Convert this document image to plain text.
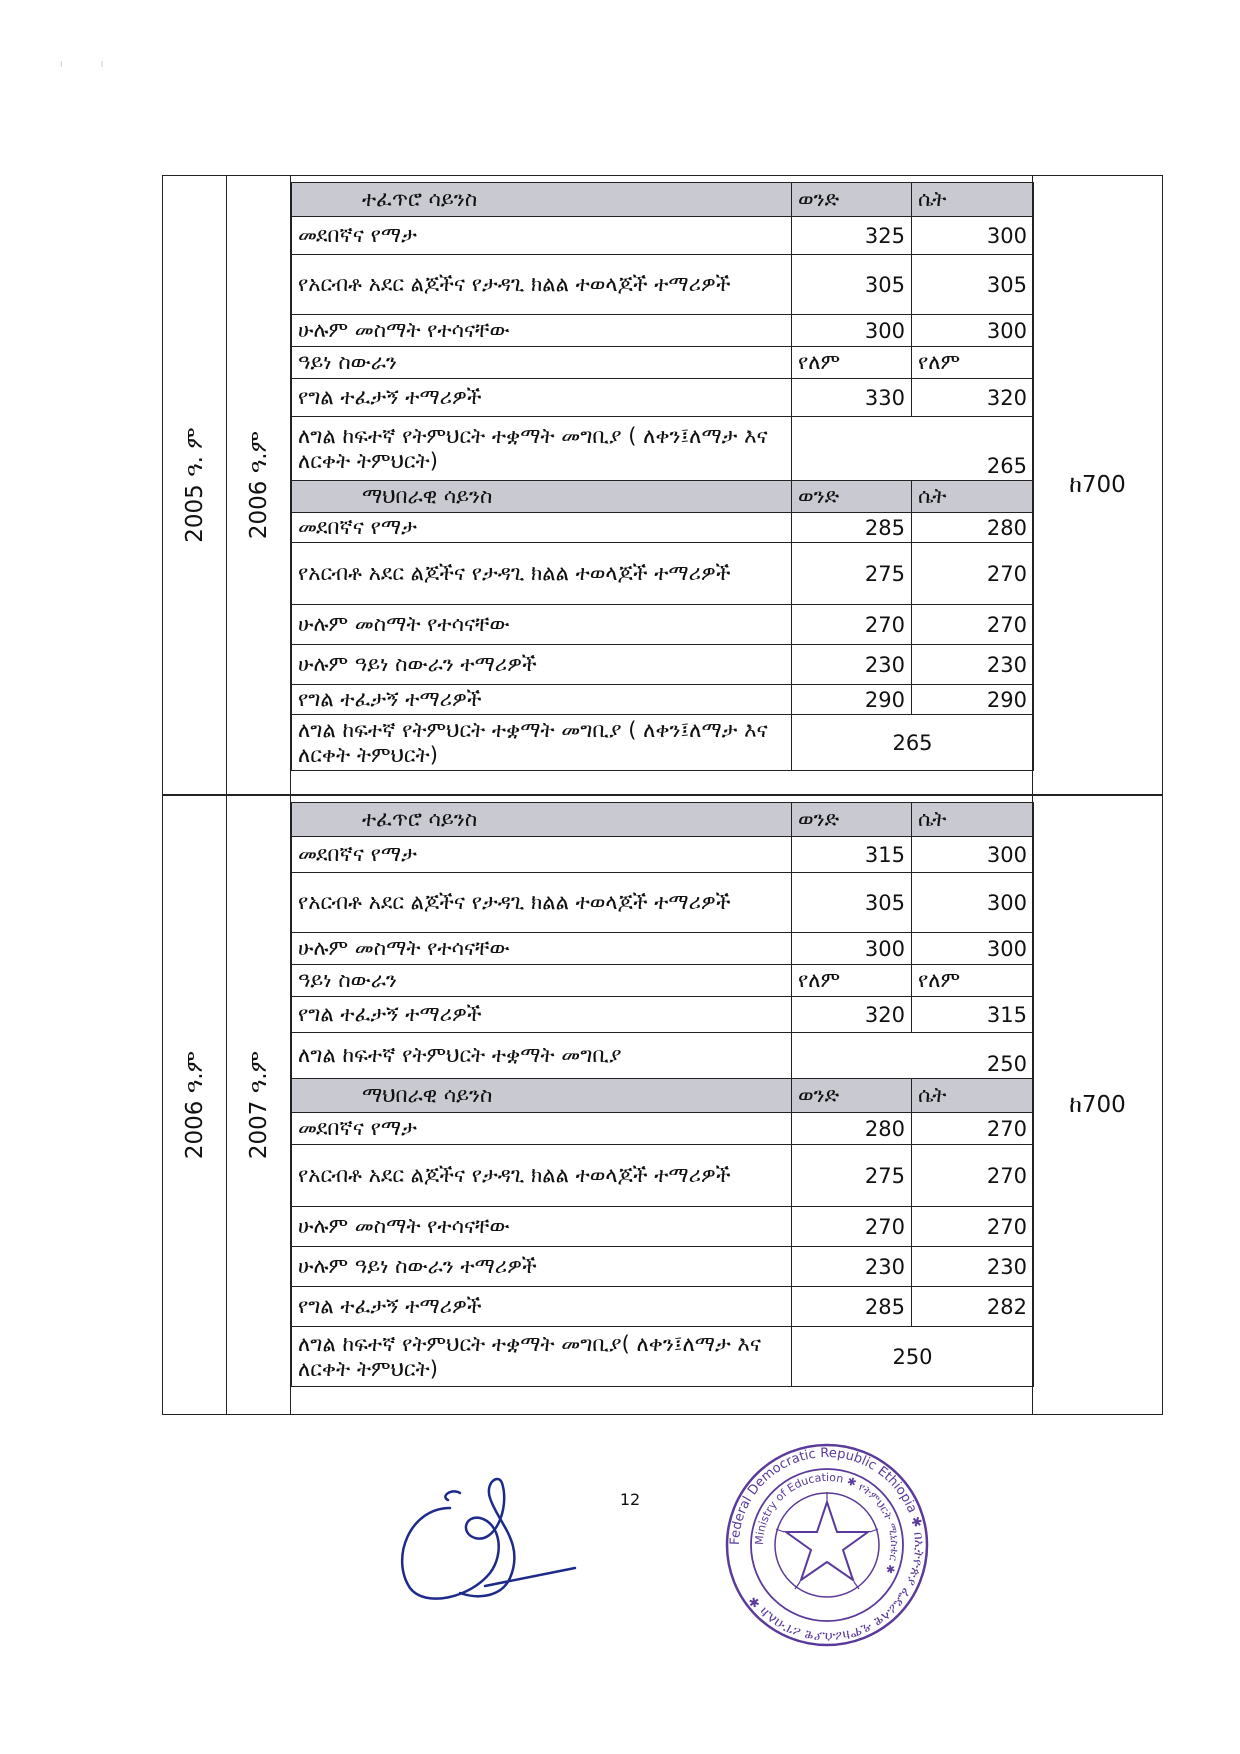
⁝               ⁝
2005 ዓ. ም	2006 ዓ.ም

ተፈጥሮ ሳይንስ	ወንድ	ሴት
መደበኛና የማታ	325	300
የአርብቶ አደር ልጆችና የታዳጊ ክልል ተወላጆች ተማሪዎች	305	305
ሁሉም መስማት የተሳናቸው	300	300
ዓይነ ስውራን	የለም	የለም
የግል ተፈታኝ ተማሪዎች	330	320
ለግል ከፍተኛ የትምህርት ተቋማት መግቢያ ( ለቀን፤ለማታ እና ለርቀት ትምህርት)	265
ማህበራዊ ሳይንስ	ወንድ	ሴት
መደበኛና የማታ	285	280
የአርብቶ አደር ልጆችና የታዳጊ ክልል ተወላጆች ተማሪዎች	275	270
ሁሉም መስማት የተሳናቸው	270	270
ሁሉም ዓይነ ስውራን ተማሪዎች	230	230
የግል ተፈታኝ ተማሪዎች	290	290
ለግል ከፍተኛ የትምህርት ተቋማት መግቢያ ( ለቀን፤ለማታ እና ለርቀት ትምህርት)	265
	ከ700
2006 ዓ.ም	2007 ዓ.ም

ተፈጥሮ ሳይንስ	ወንድ	ሴት
መደበኛና የማታ	315	300
የአርብቶ አደር ልጆችና የታዳጊ ክልል ተወላጆች ተማሪዎች	305	300
ሁሉም መስማት የተሳናቸው	300	300
ዓይነ ስውራን	የለም	የለም
የግል ተፈታኝ ተማሪዎች	320	315
ለግል ከፍተኛ የትምህርት ተቋማት መግቢያ	250
ማህበራዊ ሳይንስ	ወንድ	ሴት
መደበኛና የማታ	280	270
የአርብቶ አደር ልጆችና የታዳጊ ክልል ተወላጆች ተማሪዎች	275	270
ሁሉም መስማት የተሳናቸው	270	270
ሁሉም ዓይነ ስውራን ተማሪዎች	230	230
የግል ተፈታኝ ተማሪዎች	285	282
ለግል ከፍተኛ የትምህርት ተቋማት መግቢያ( ለቀን፤ለማታ እና ለርቀት ትምህርት)	250
	ከ700
12
Federal Democratic Republic Ethiopia ✱ በኢትዮጵያ ፌዴራላዊ ዲሞክራሲያዊ ሪፐብሊክ ✱
Ministry of Education ✱ የትምህርት ሚኒስቴር ✱
